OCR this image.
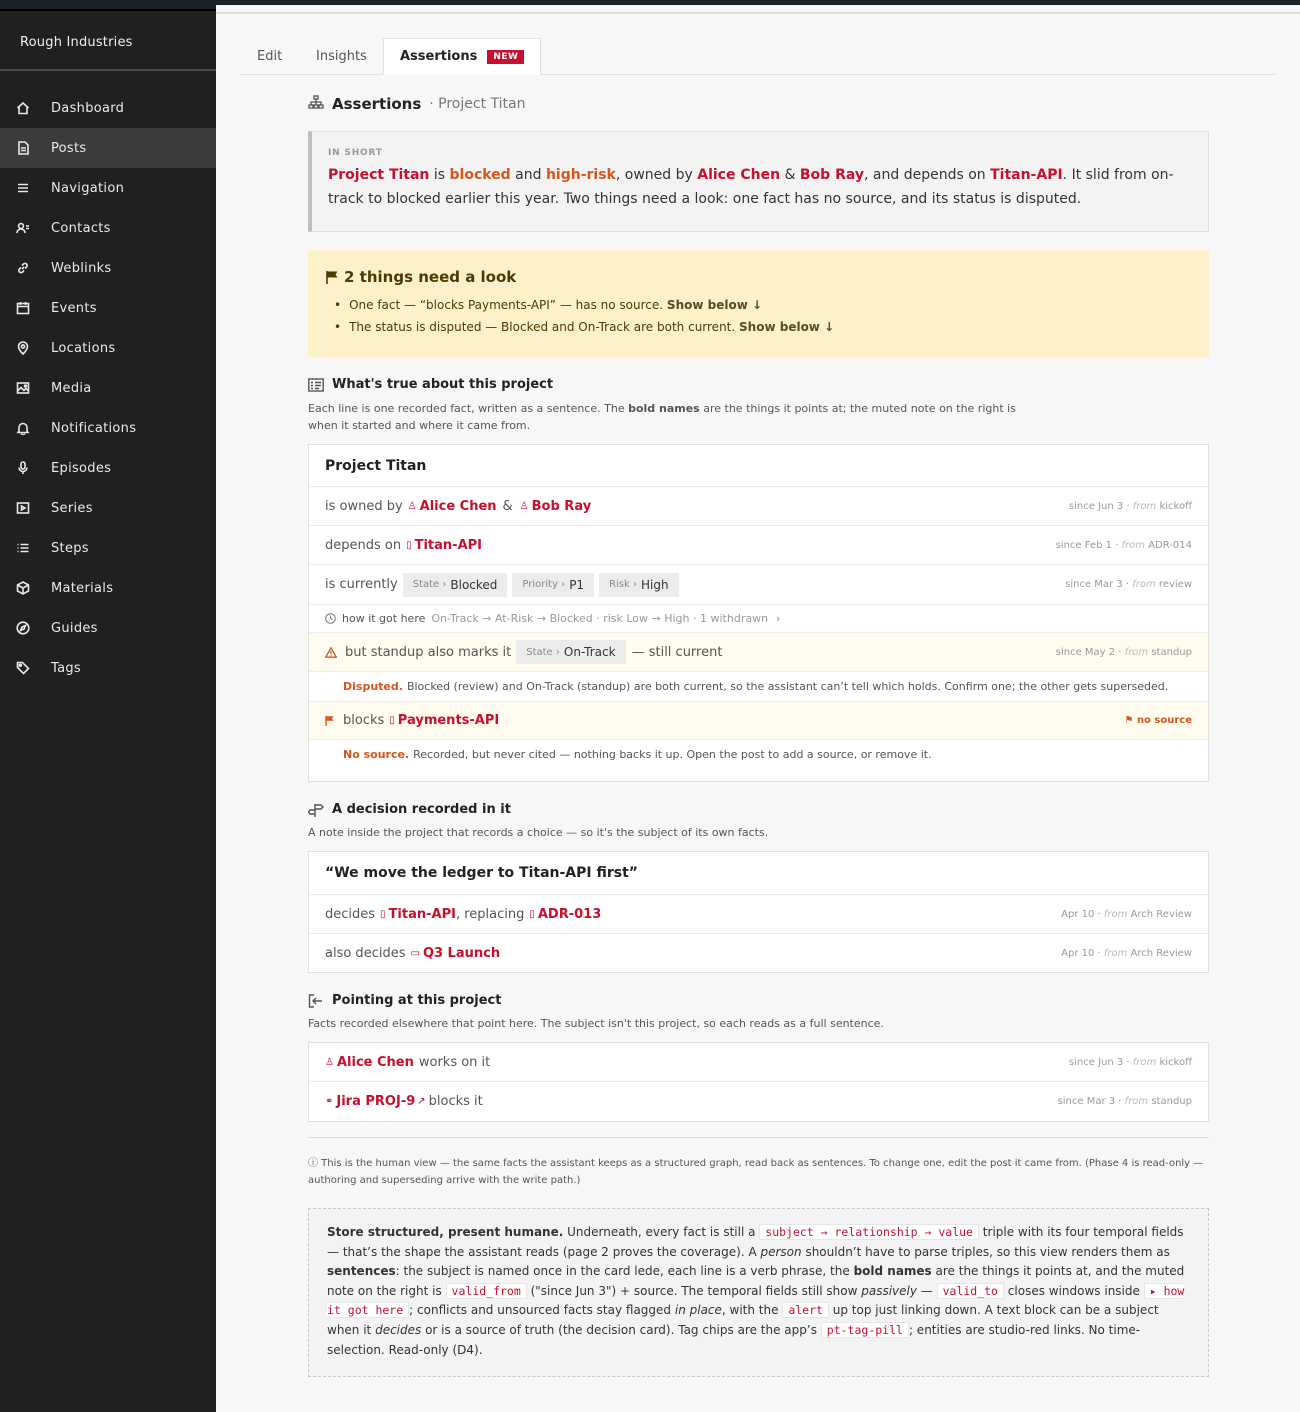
Rough Industries
Dashboard
Posts
Navigation
Contacts
Weblinks
Events
Locations
Media
Notifications
Episodes
Series
Steps
Materials
Guides
Tags
Edit	Insights	Assertions	NEW
Assertions · Project Titan
IN SHORT
Project Titan is blocked and high-risk, owned by Alice Chen & Bob Ray, and depends on Titan-API. It slid from on-track to blocked earlier this year. Two things need a look: one fact has no source, and its status is disputed.
2 things need a look
• One fact — “blocks Payments-API” — has no source. Show below ↓
• The status is disputed — Blocked and On-Track are both current. Show below ↓
What's true about this project
Each line is one recorded fact, written as a sentence. The bold names are the things it points at; the muted note on the right is when it started and where it came from.
Project Titan
is owned by ♙ Alice Chen & ♙ Bob Ray	since Jun 3 · from kickoff
depends on ▯ Titan-API	since Feb 1 · from ADR-014
is currently State › Blocked	Priority › P1	Risk › High	since Mar 3 · from review
how it got here On-Track → At-Risk → Blocked · risk Low → High · 1 withdrawn ›
but standup also marks it State › On-Track — still current	since May 2 · from standup
Disputed. Blocked (review) and On-Track (standup) are both current, so the assistant can’t tell which holds. Confirm one; the other gets superseded.
blocks ▯ Payments-API	⚑ no source
No source. Recorded, but never cited — nothing backs it up. Open the post to add a source, or remove it.
A decision recorded in it
A note inside the project that records a choice — so it's the subject of its own facts.
“We move the ledger to Titan-API first”
decides ▯ Titan-API , replacing ▯ ADR-013	Apr 10 · from Arch Review
also decides ▭ Q3 Launch	Apr 10 · from Arch Review
Pointing at this project
Facts recorded elsewhere that point here. The subject isn't this project, so each reads as a full sentence.
♙ Alice Chen works on it	since Jun 3 · from kickoff
⚭ Jira PROJ-9 ↗ blocks it	since Mar 3 · from standup
ⓘ This is the human view — the same facts the assistant keeps as a structured graph, read back as sentences. To change one, edit the post it came from. (Phase 4 is read-only — authoring and superseding arrive with the write path.)
Store structured, present humane. Underneath, every fact is still a subject → relationship → value triple with its four temporal fields — that’s the shape the assistant reads (page 2 proves the coverage). A person shouldn’t have to parse triples, so this view renders them as sentences: the subject is named once in the card lede, each line is a verb phrase, the bold names are the things it points at, and the muted note on the right is valid_from ("since Jun 3") + source. The temporal fields still show passively — valid_to closes windows inside ▸ how it got here ; conflicts and unsourced facts stay flagged in place, with the alert up top just linking down. A text block can be a subject when it decides or is a source of truth (the decision card). Tag chips are the app’s pt-tag-pill ; entities are studio-red links. No time-selection. Read-only (D4).
